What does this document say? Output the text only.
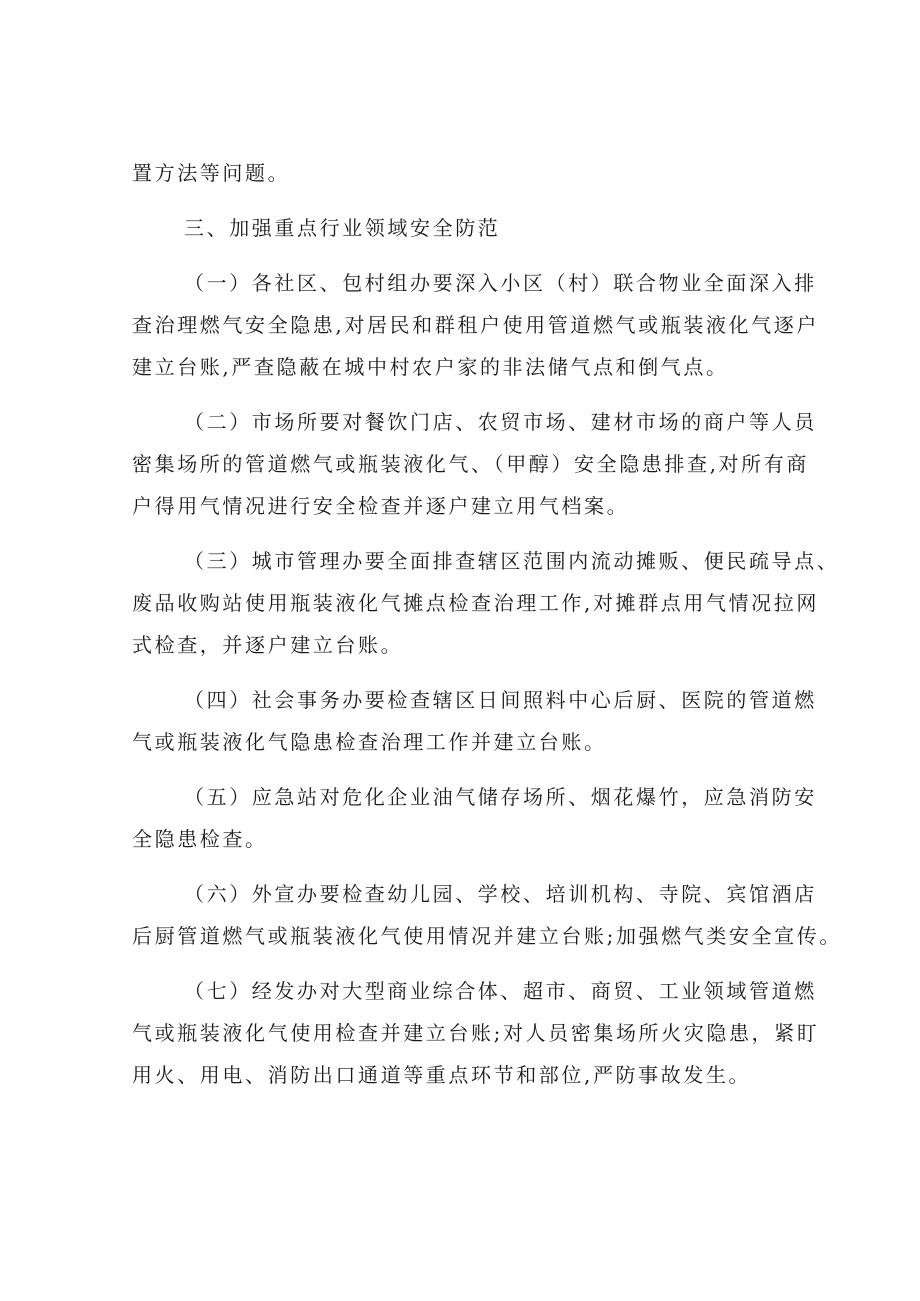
置方法等问题。
三、加强重点行业领域安全防范
（一）各社区、包村组办要深入小区（村）联合物业全面深入排
查治理燃气安全隐患,对居民和群租户使用管道燃气或瓶装液化气逐户
建立台账,严查隐蔽在城中村农户家的非法储气点和倒气点。
（二）市场所要对餐饮门店、农贸市场、建材市场的商户等人员
密集场所的管道燃气或瓶装液化气、（甲醇）安全隐患排查,对所有商
户得用气情况进行安全检查并逐户建立用气档案。
（三）城市管理办要全面排查辖区范围内流动摊贩、便民疏导点、
废品收购站使用瓶装液化气摊点检查治理工作,对摊群点用气情况拉网
式检查，并逐户建立台账。
（四）社会事务办要检查辖区日间照料中心后厨、医院的管道燃
气或瓶装液化气隐患检查治理工作并建立台账。
（五）应急站对危化企业油气储存场所、烟花爆竹，应急消防安
全隐患检查。
（六）外宣办要检查幼儿园、学校、培训机构、寺院、宾馆酒店
后厨管道燃气或瓶装液化气使用情况并建立台账;加强燃气类安全宣传。
（七）经发办对大型商业综合体、超市、商贸、工业领域管道燃
气或瓶装液化气使用检查并建立台账;对人员密集场所火灾隐患，紧盯
用火、用电、消防出口通道等重点环节和部位,严防事故发生。
